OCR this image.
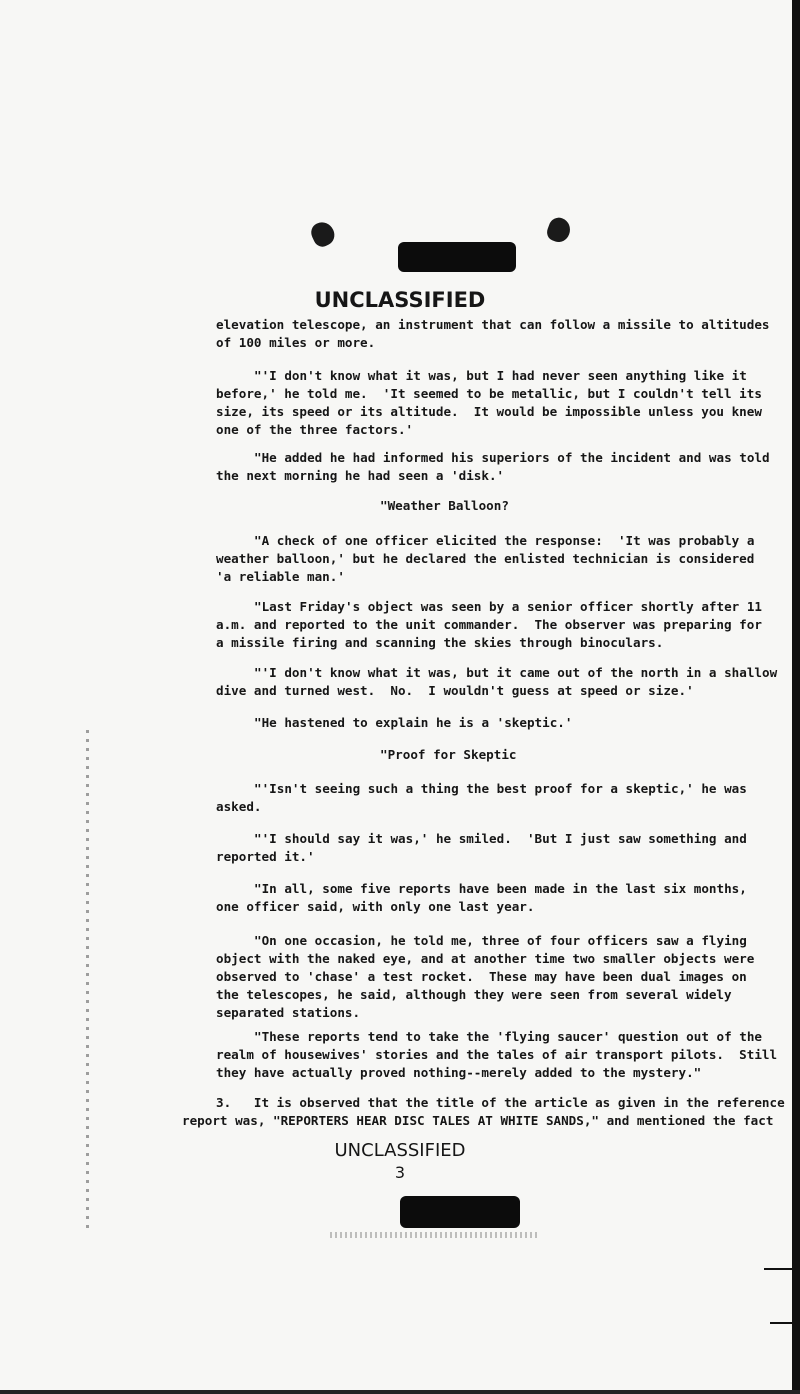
UNCLASSIFIED
elevation telescope, an instrument that can follow a missile to altitudes
of 100 miles or more.
"'I don't know what it was, but I had never seen anything like it
before,' he told me.  'It seemed to be metallic, but I couldn't tell its
size, its speed or its altitude.  It would be impossible unless you knew
one of the three factors.'
"He added he had informed his superiors of the incident and was told
the next morning he had seen a 'disk.'
"Weather Balloon?
"A check of one officer elicited the response:  'It was probably a
weather balloon,' but he declared the enlisted technician is considered
'a reliable man.'
"Last Friday's object was seen by a senior officer shortly after 11
a.m. and reported to the unit commander.  The observer was preparing for
a missile firing and scanning the skies through binoculars.
"'I don't know what it was, but it came out of the north in a shallow
dive and turned west.  No.  I wouldn't guess at speed or size.'
"He hastened to explain he is a 'skeptic.'
"Proof for Skeptic
"'Isn't seeing such a thing the best proof for a skeptic,' he was
asked.
"'I should say it was,' he smiled.  'But I just saw something and
reported it.'
"In all, some five reports have been made in the last six months,
one officer said, with only one last year.
"On one occasion, he told me, three of four officers saw a flying
object with the naked eye, and at another time two smaller objects were
observed to 'chase' a test rocket.  These may have been dual images on
the telescopes, he said, although they were seen from several widely
separated stations.
"These reports tend to take the 'flying saucer' question out of the
realm of housewives' stories and the tales of air transport pilots.  Still
they have actually proved nothing--merely added to the mystery."
3.   It is observed that the title of the article as given in the reference
report was, "REPORTERS HEAR DISC TALES AT WHITE SANDS," and mentioned the fact
UNCLASSIFIED
3
